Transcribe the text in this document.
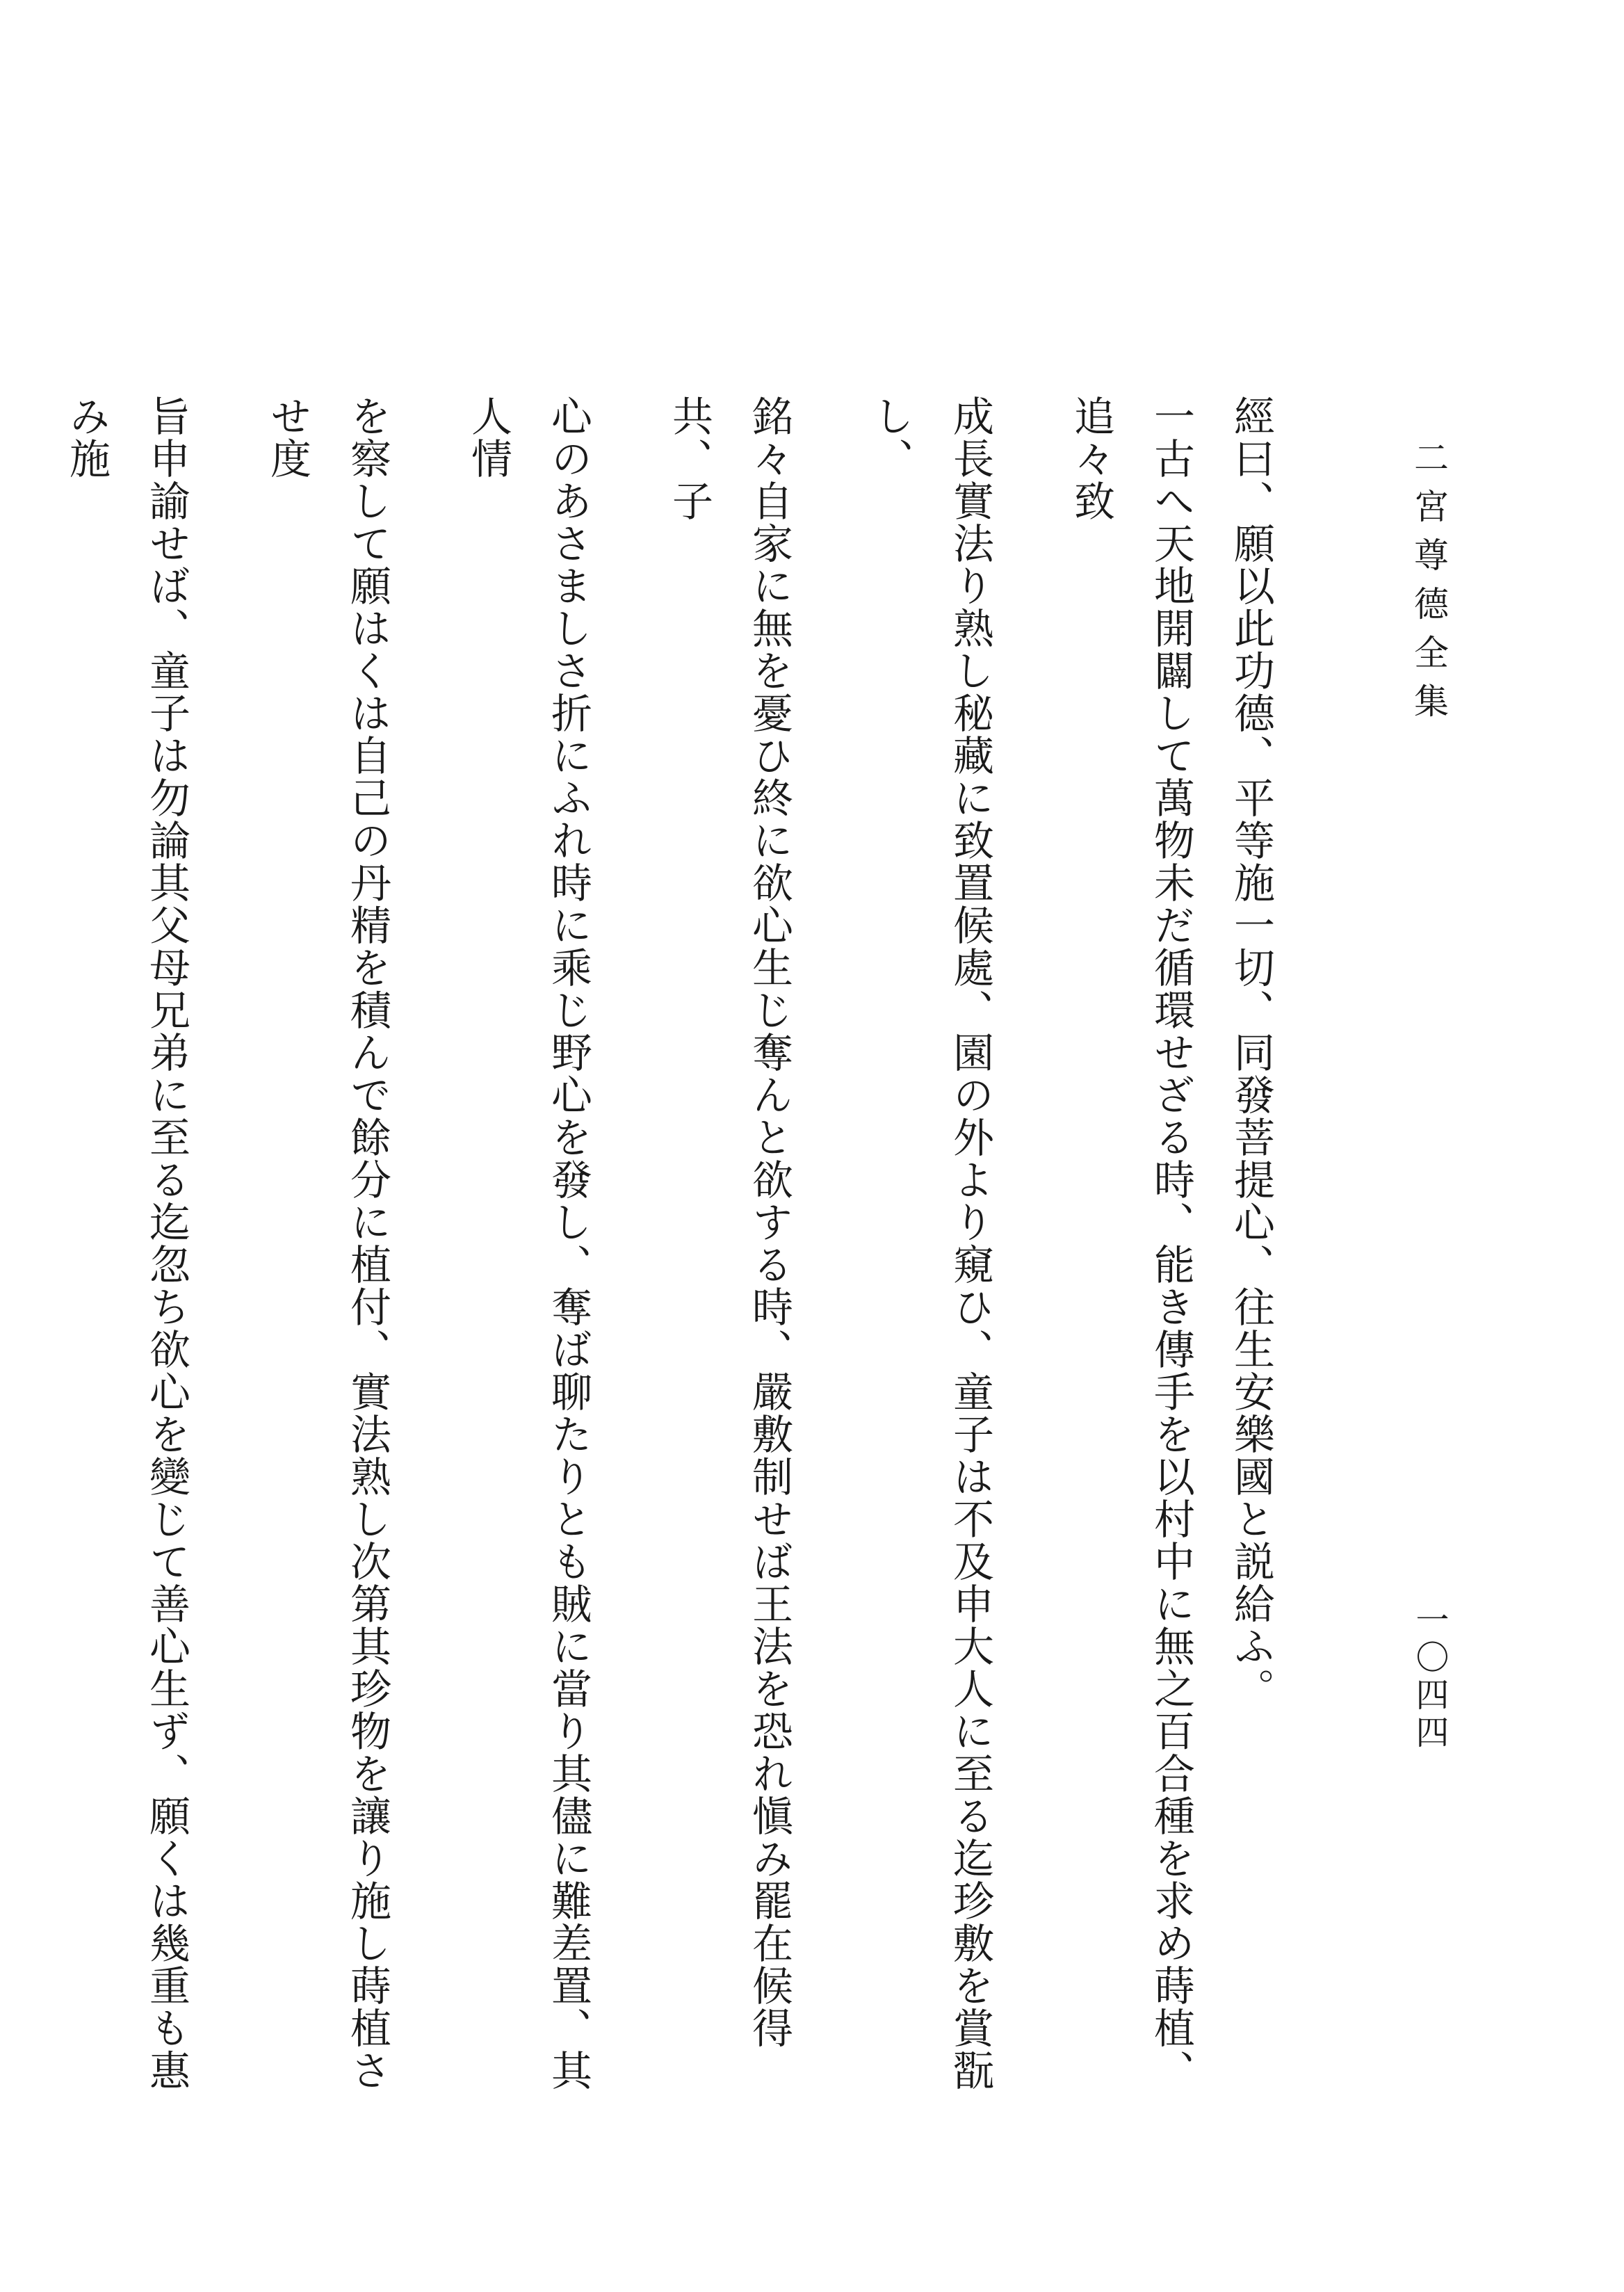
二宮尊德全集
一〇四四

經曰、願以此功德、平等施一切、同發菩提心、往生安樂國と説給ふ。

一古へ天地開闢して萬物未だ循環せざる時、能き傳手を以村中に無之百合種を求め蒔植、追々致

成長實法り熟し秘藏に致置候處、園の外より窺ひ、童子は不及申大人に至る迄珍敷を賞翫し、

銘々自家に無を憂ひ終に欲心生じ奪んと欲する時、嚴敷制せば王法を恐れ愼み罷在候得共、子

心のあさましさ折にふれ時に乘じ野心を發し、奪ば聊たりとも賊に當り其儘に難差置、其人情

を察して願はくは自己の丹精を積んで餘分に植付、實法熟し次第其珍物を讓り施し蒔植させ度

旨申諭せば、童子は勿論其父母兄弟に至る迄忽ち欲心を變じて善心生ず、願くは幾重も惠み施
